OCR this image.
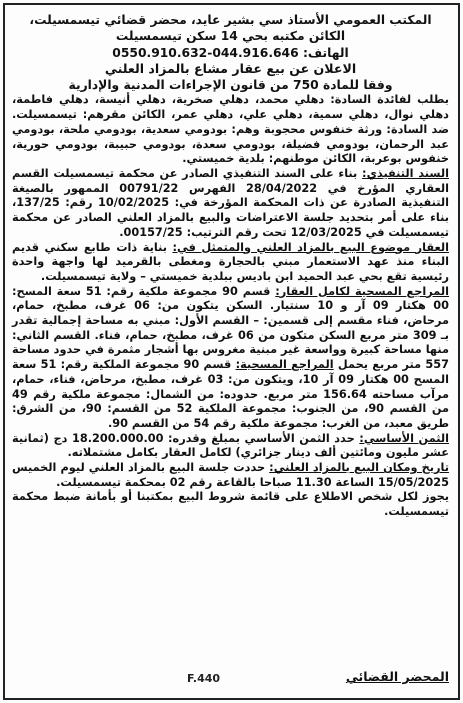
المكتب العمومي الأستاذ سي بشير عايد، محضر قضائي تيسمسيلت،
الكائن مكتبه بحي 14 سكن تيسمسيلت
الهاتف: 044.916.646-0550.910.632
الاعلان عن بيع عقار مشاع بالمزاد العلني
وفقا للمادة 750 من قانون الإجراءات المدنية والإدارية

بطلب لفائدة السادة: دهلي محمد، دهلي صخرية، دهلي أنيسة، دهلي فاطمة، دهلي نوال، دهلي سمية، دهلي علي، دهلي عمر، الكائن مقرهم: تيسمسيلت. ضد السادة: ورثة خنفوس محجوبة وهم: بودومي سعدية، بودومي ملحة، بودومي عبد الرحمان، بودومي فضيلة، بودومي سعدة، بودومي حبيبة، بودومي حورية، خنفوس بوعربة، الكائن موطنهم: بلدية خميستي.

السند التنفيذي: بناء على السند التنفيذي الصادر عن محكمة تيسمسيلت القسم العقاري المؤرخ في 28/04/2022 الفهرس 00791/22 الممهور بالصيغة التنفيذية الصادرة عن ذات المحكمة المؤرخة في: 10/02/2025 رقم: 137/25، بناء على أمر بتحديد جلسة الاعتراضات والبيع بالمزاد العلني الصادر عن محكمة تيسمسيلت في 12/03/2025 تحت رقم الترتيب: 00157/25.

العقار موضوع البيع بالمزاد العلني والمتمثل في: بناية ذات طابع سكني قديم البناء منذ عهد الاستعمار مبني بالحجارة ومغطى بالقرميد لها واجهة واحدة رئيسية تقع بحي عبد الحميد ابن باديس ببلدية خميستي – ولاية تيسمسيلت.

المراجع المسحية لكامل العقار: قسم 90 مجموعة ملكية رقم: 51 سعة المسح: 00 هكتار 09 آر و 10 سنتيار. السكن يتكون من: 06 غرف، مطبخ، حمام، مرحاض، فناء مقسم إلى قسمين: – القسم الأول: مبني به مساحة إجمالية تقدر بـ 309 متر مربع السكن متكون من 06 غرف، مطبخ، حمام، فناء. القسم الثاني: منها مساحة كبيرة وواسعة غير مبنية مغروس بها أشجار مثمرة في حدود مساحة 557 متر مربع يحمل المراجع المسحية: قسم 90 مجموعة الملكية رقم: 51 سعة المسح 00 هكتار 09 آر 10، ويتكون من: 03 غرف، مطبخ، مرحاض، فناء، حمام، مرآب مساحته 156.64 متر مربع. حدوده: من الشمال: مجموعة ملكية رقم 49 من القسم 90، من الجنوب: مجموعة الملكية 52 من القسم: 90، من الشرق: طريق معبد، من الغرب: مجموعة ملكية رقم 54 من القسم 90.

الثمن الأساسي: حدد الثمن الأساسي بمبلغ وقدره: 18.200.000.00 دج (ثمانية عشر مليون ومائتين ألف دينار جزائري) لكامل العقار بكامل مشتملاته.

تاريخ ومكان البيع بالمزاد العلني: حددت جلسة البيع بالمزاد العلني ليوم الخميس 15/05/2025 الساعة 11.30 صباحا بالقاعة رقم 02 بمحكمة تيسمسيلت.

يجوز لكل شخص الاطلاع على قائمة شروط البيع بمكتبنا أو بأمانة ضبط محكمة تيسمسيلت.

المحضر القضائي
F.440
